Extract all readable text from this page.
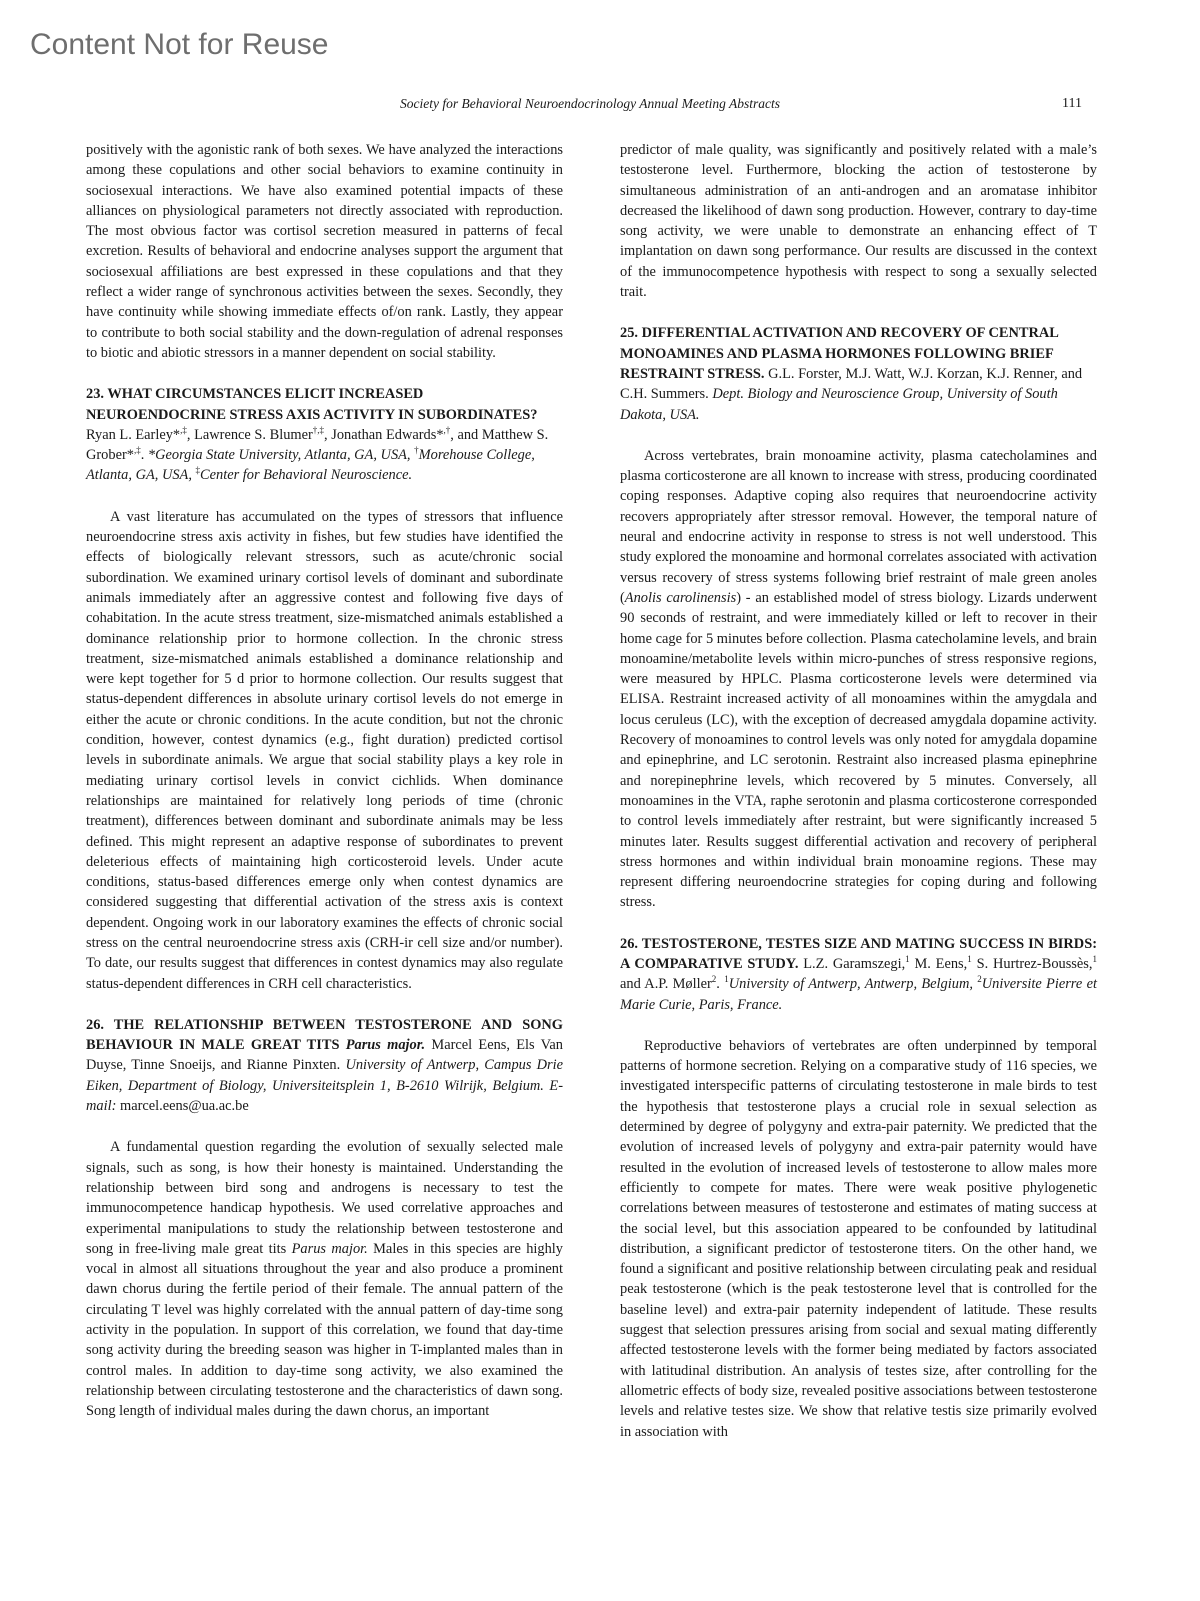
Content Not for Reuse
Society for Behavioral Neuroendocrinology Annual Meeting Abstracts	111

positively with the agonistic rank of both sexes. We have analyzed the interactions among these copulations and other social behaviors to examine continuity in sociosexual interactions. We have also examined potential impacts of these alliances on physiological parameters not directly associated with reproduction. The most obvious factor was cortisol secretion measured in patterns of fecal excretion. Results of behavioral and endocrine analyses support the argument that sociosexual affiliations are best expressed in these copulations and that they reflect a wider range of synchronous activities between the sexes. Secondly, they have continuity while showing immediate effects of/on rank. Lastly, they appear to contribute to both social stability and the down-regulation of adrenal responses to biotic and abiotic stressors in a manner dependent on social stability.

23. WHAT CIRCUMSTANCES ELICIT INCREASED NEUROENDOCRINE STRESS AXIS ACTIVITY IN SUBORDINATES? Ryan L. Earley*,‡, Lawrence S. Blumer†,‡, Jonathan Edwards*,†, and Matthew S. Grober*,‡. *Georgia State University, Atlanta, GA, USA, †Morehouse College, Atlanta, GA, USA, ‡Center for Behavioral Neuroscience.

A vast literature has accumulated on the types of stressors that influence neuroendocrine stress axis activity in fishes, but few studies have identified the effects of biologically relevant stressors, such as acute/chronic social subordination. We examined urinary cortisol levels of dominant and subordinate animals immediately after an aggressive contest and following five days of cohabitation. In the acute stress treatment, size-mismatched animals established a dominance relationship prior to hormone collection. In the chronic stress treatment, size-mismatched animals established a dominance relationship and were kept together for 5 d prior to hormone collection. Our results suggest that status-dependent differences in absolute urinary cortisol levels do not emerge in either the acute or chronic conditions. In the acute condition, but not the chronic condition, however, contest dynamics (e.g., fight duration) predicted cortisol levels in subordinate animals. We argue that social stability plays a key role in mediating urinary cortisol levels in convict cichlids. When dominance relationships are maintained for relatively long periods of time (chronic treatment), differences between dominant and subordinate animals may be less defined. This might represent an adaptive response of subordinates to prevent deleterious effects of maintaining high corticosteroid levels. Under acute conditions, status-based differences emerge only when contest dynamics are considered suggesting that differential activation of the stress axis is context dependent. Ongoing work in our laboratory examines the effects of chronic social stress on the central neuroendocrine stress axis (CRH-ir cell size and/or number). To date, our results suggest that differences in contest dynamics may also regulate status-dependent differences in CRH cell characteristics.

26. THE RELATIONSHIP BETWEEN TESTOSTERONE AND SONG BEHAVIOUR IN MALE GREAT TITS Parus major. Marcel Eens, Els Van Duyse, Tinne Snoeijs, and Rianne Pinxten. University of Antwerp, Campus Drie Eiken, Department of Biology, Universiteitsplein 1, B-2610 Wilrijk, Belgium. E-mail: marcel.eens@ua.ac.be

A fundamental question regarding the evolution of sexually selected male signals, such as song, is how their honesty is maintained. Understanding the relationship between bird song and androgens is necessary to test the immunocompetence handicap hypothesis. We used correlative approaches and experimental manipulations to study the relationship between testosterone and song in free-living male great tits Parus major. Males in this species are highly vocal in almost all situations throughout the year and also produce a prominent dawn chorus during the fertile period of their female. The annual pattern of the circulating T level was highly correlated with the annual pattern of day-time song activity in the population. In support of this correlation, we found that day-time song activity during the breeding season was higher in T-implanted males than in control males. In addition to day-time song activity, we also examined the relationship between circulating testosterone and the characteristics of dawn song. Song length of individual males during the dawn chorus, an important

predictor of male quality, was significantly and positively related with a male’s testosterone level. Furthermore, blocking the action of testosterone by simultaneous administration of an anti-androgen and an aromatase inhibitor decreased the likelihood of dawn song production. However, contrary to day-time song activity, we were unable to demonstrate an enhancing effect of T implantation on dawn song performance. Our results are discussed in the context of the immunocompetence hypothesis with respect to song a sexually selected trait.

25. DIFFERENTIAL ACTIVATION AND RECOVERY OF CENTRAL MONOAMINES AND PLASMA HORMONES FOLLOWING BRIEF RESTRAINT STRESS. G.L. Forster, M.J. Watt, W.J. Korzan, K.J. Renner, and C.H. Summers. Dept. Biology and Neuroscience Group, University of South Dakota, USA.

Across vertebrates, brain monoamine activity, plasma catecholamines and plasma corticosterone are all known to increase with stress, producing coordinated coping responses. Adaptive coping also requires that neuroendocrine activity recovers appropriately after stressor removal. However, the temporal nature of neural and endocrine activity in response to stress is not well understood. This study explored the monoamine and hormonal correlates associated with activation versus recovery of stress systems following brief restraint of male green anoles (Anolis carolinensis) - an established model of stress biology. Lizards underwent 90 seconds of restraint, and were immediately killed or left to recover in their home cage for 5 minutes before collection. Plasma catecholamine levels, and brain monoamine/metabolite levels within micro-punches of stress responsive regions, were measured by HPLC. Plasma corticosterone levels were determined via ELISA. Restraint increased activity of all monoamines within the amygdala and locus ceruleus (LC), with the exception of decreased amygdala dopamine activity. Recovery of monoamines to control levels was only noted for amygdala dopamine and epinephrine, and LC serotonin. Restraint also increased plasma epinephrine and norepinephrine levels, which recovered by 5 minutes. Conversely, all monoamines in the VTA, raphe serotonin and plasma corticosterone corresponded to control levels immediately after restraint, but were significantly increased 5 minutes later. Results suggest differential activation and recovery of peripheral stress hormones and within individual brain monoamine regions. These may represent differing neuroendocrine strategies for coping during and following stress.

26. TESTOSTERONE, TESTES SIZE AND MATING SUCCESS IN BIRDS: A COMPARATIVE STUDY. L.Z. Garamszegi,$^1$ M. Eens,$^1$ S. Hurtrez-Boussès,$^1$ and A.P. Møller$^2$. $^1$University of Antwerp, Antwerp, Belgium, $^2$Universite Pierre et Marie Curie, Paris, France.

Reproductive behaviors of vertebrates are often underpinned by temporal patterns of hormone secretion. Relying on a comparative study of 116 species, we investigated interspecific patterns of circulating testosterone in male birds to test the hypothesis that testosterone plays a crucial role in sexual selection as determined by degree of polygyny and extra-pair paternity. We predicted that the evolution of increased levels of polygyny and extra-pair paternity would have resulted in the evolution of increased levels of testosterone to allow males more efficiently to compete for mates. There were weak positive phylogenetic correlations between measures of testosterone and estimates of mating success at the social level, but this association appeared to be confounded by latitudinal distribution, a significant predictor of testosterone titers. On the other hand, we found a significant and positive relationship between circulating peak and residual peak testosterone (which is the peak testosterone level that is controlled for the baseline level) and extra-pair paternity independent of latitude. These results suggest that selection pressures arising from social and sexual mating differently affected testosterone levels with the former being mediated by factors associated with latitudinal distribution. An analysis of testes size, after controlling for the allometric effects of body size, revealed positive associations between testosterone levels and relative testes size. We show that relative testis size primarily evolved in association with
